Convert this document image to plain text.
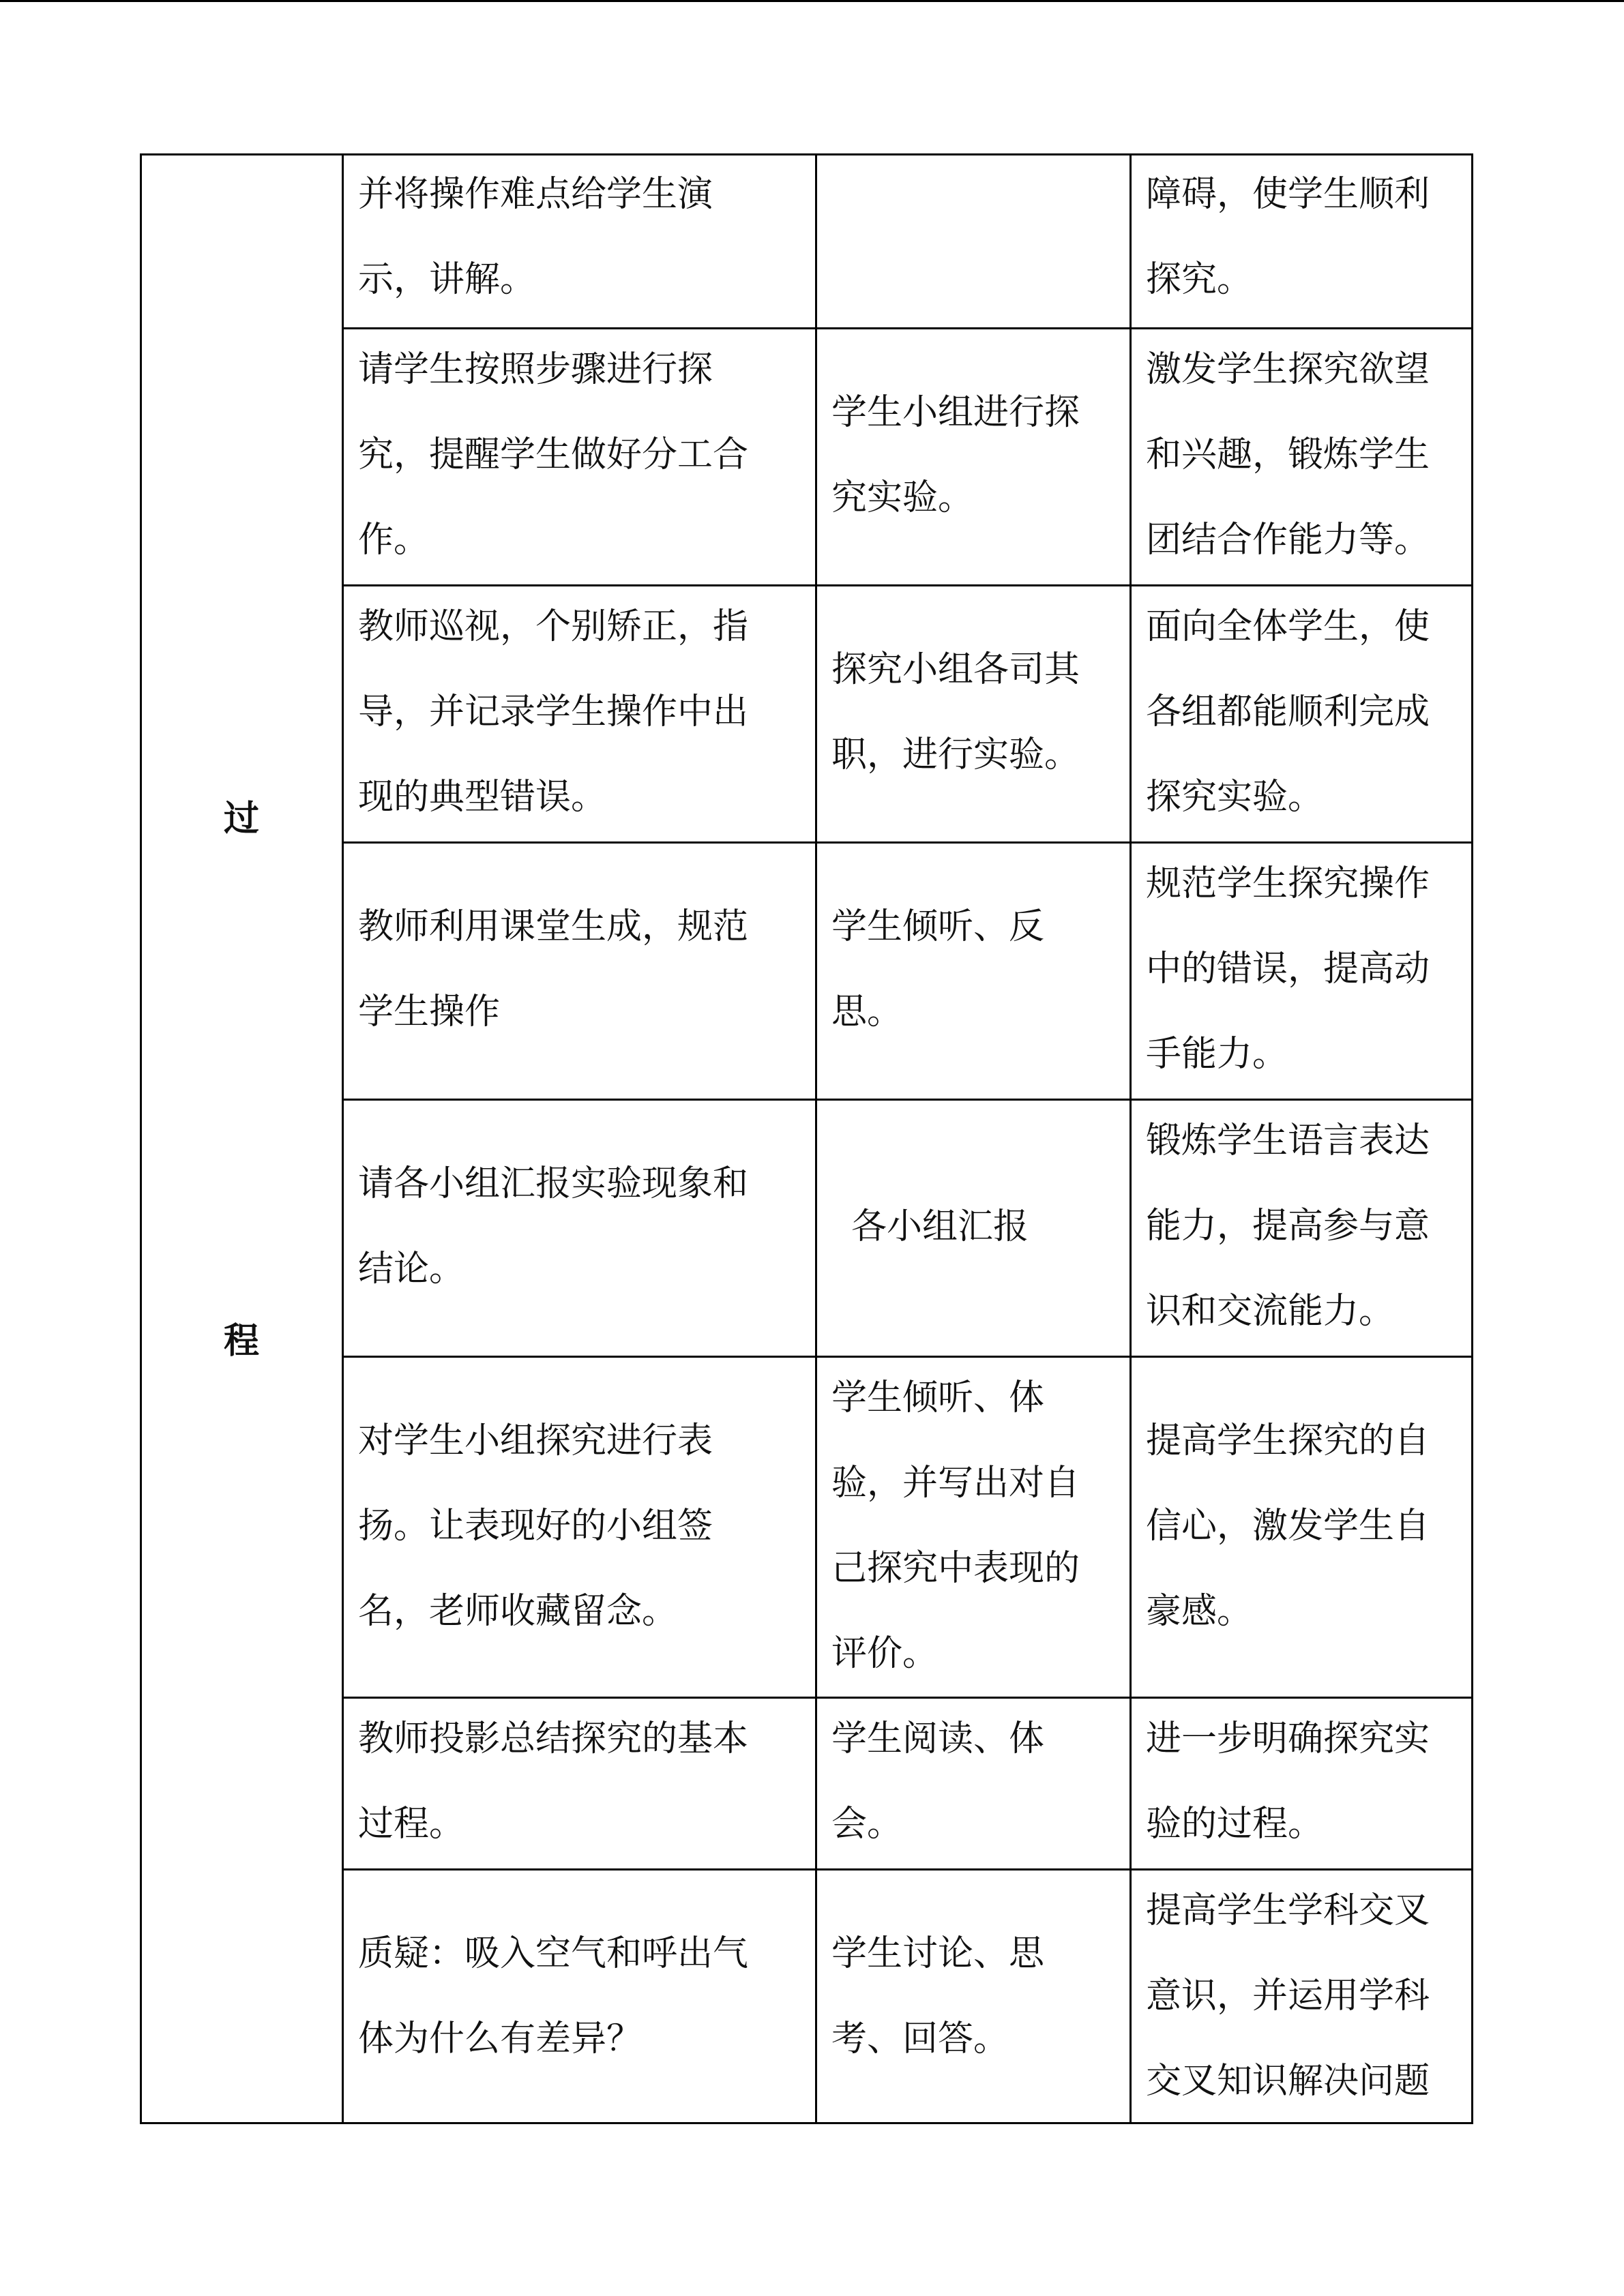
过
程
并将操作难点给学生演
示，讲解。
障碍，使学生顺利
探究。
请学生按照步骤进行探
究，提醒学生做好分工合
作。
学生小组进行探
究实验。
激发学生探究欲望
和兴趣，锻炼学生
团结合作能力等。
教师巡视，个别矫正，指
导，并记录学生操作中出
现的典型错误。
探究小组各司其
职，进行实验。
面向全体学生，使
各组都能顺利完成
探究实验。
教师利用课堂生成，规范
学生操作
学生倾听、反
思。
规范学生探究操作
中的错误，提高动
手能力。
请各小组汇报实验现象和
结论。
各小组汇报
锻炼学生语言表达
能力，提高参与意
识和交流能力。
对学生小组探究进行表
扬。让表现好的小组签
名，老师收藏留念。
学生倾听、体
验，并写出对自
己探究中表现的
评价。
提高学生探究的自
信心，激发学生自
豪感。
教师投影总结探究的基本
过程。
学生阅读、体
会。
进一步明确探究实
验的过程。
质疑：吸入空气和呼出气
体为什么有差异？
学生讨论、思
考、回答。
提高学生学科交叉
意识，并运用学科
交叉知识解决问题
